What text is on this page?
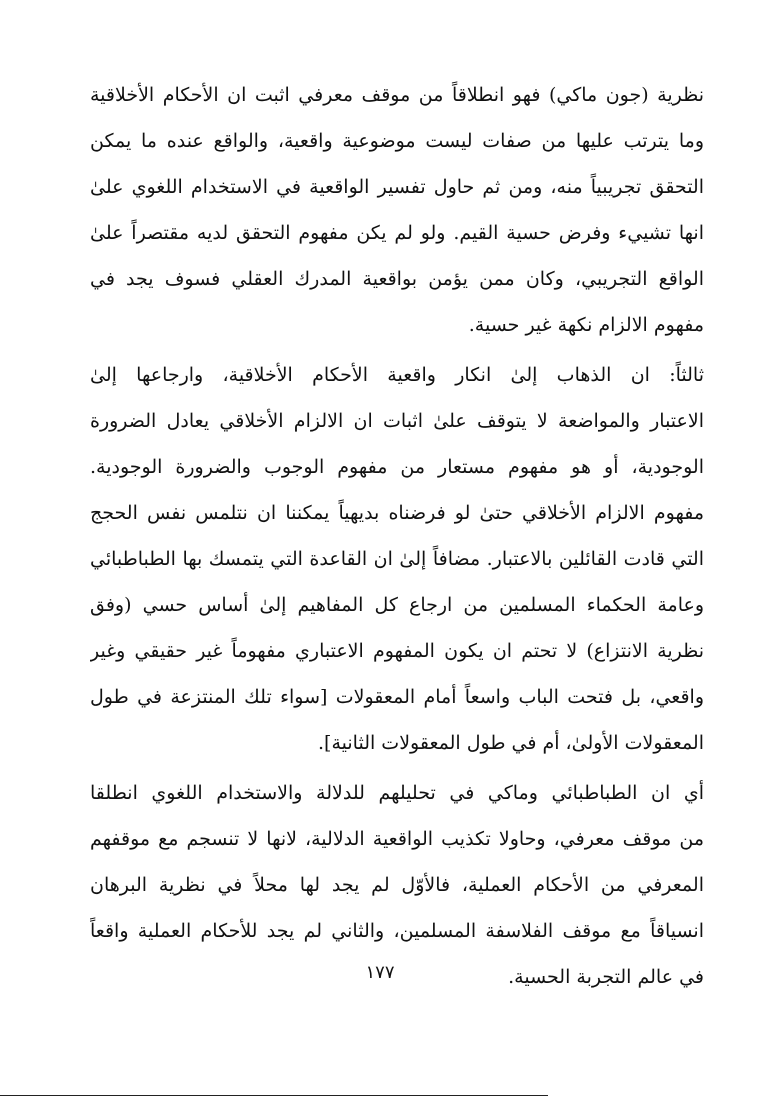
نظرية (جون ماكي) فهو انطلاقاً من موقف معرفي اثبت ان الأحكام الأخلاقية
وما يترتب عليها من صفات ليست موضوعية واقعية، والواقع عنده ما يمكن
التحقق تجريبياً منه، ومن ثم حاول تفسير الواقعية في الاستخدام اللغوي علىٰ
انها تشييء وفرض حسية القيم. ولو لم يكن مفهوم التحقق لديه مقتصراً علىٰ
الواقع التجريبي، وكان ممن يؤمن بواقعية المدرك العقلي فسوف يجد في
مفهوم الالزام نكهة غير حسية.
ثالثاً: ان الذهاب إلىٰ انكار واقعية الأحكام الأخلاقية، وارجاعها إلىٰ
الاعتبار والمواضعة لا يتوقف علىٰ اثبات ان الالزام الأخلاقي يعادل الضرورة
الوجودية، أو هو مفهوم مستعار من مفهوم الوجوب والضرورة الوجودية.
مفهوم الالزام الأخلاقي حتىٰ لو فرضناه بديهياً يمكننا ان نتلمس نفس الحجج
التي قادت القائلين بالاعتبار. مضافاً إلىٰ ان القاعدة التي يتمسك بها الطباطبائي
وعامة الحكماء المسلمين من ارجاع كل المفاهيم إلىٰ أساس حسي (وفق
نظرية الانتزاع) لا تحتم ان يكون المفهوم الاعتباري مفهوماً غير حقيقي وغير
واقعي، بل فتحت الباب واسعاً أمام المعقولات [سواء تلك المنتزعة في طول
المعقولات الأولىٰ، أم في طول المعقولات الثانية].
أي ان الطباطبائي وماكي في تحليلهم للدلالة والاستخدام اللغوي انطلقا
من موقف معرفي، وحاولا تكذيب الواقعية الدلالية، لانها لا تنسجم مع موقفهم
المعرفي من الأحكام العملية، فالأوّل لم يجد لها محلاً في نظرية البرهان
انسياقاً مع موقف الفلاسفة المسلمين، والثاني لم يجد للأحكام العملية واقعاً
في عالم التجربة الحسية.
١٧٧
